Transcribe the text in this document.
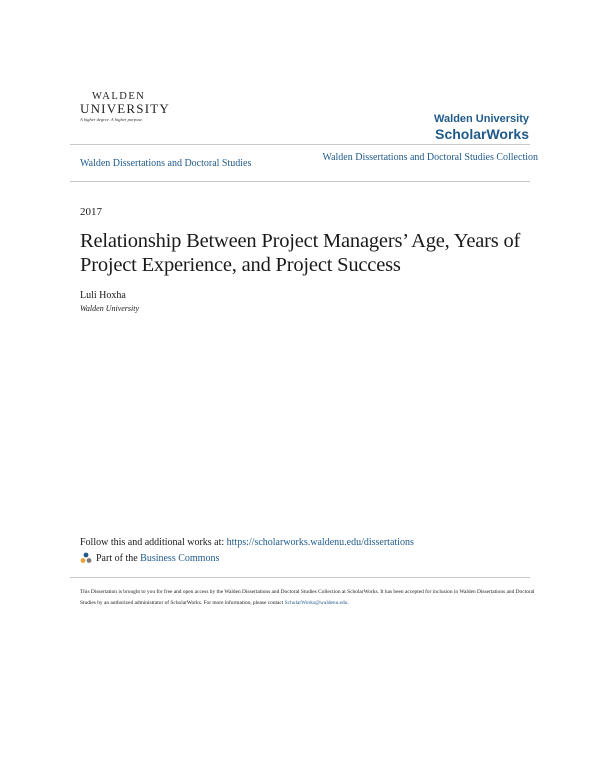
WALDEN
UNIVERSITY
A higher degree. A higher purpose.	Walden University
ScholarWorks
Walden Dissertations and Doctoral Studies
Walden Dissertations and Doctoral Studies Collection
2017
Relationship Between Project Managers’ Age, Years of Project Experience, and Project Success
Luli Hoxha
Walden University
Follow this and additional works at: https://scholarworks.waldenu.edu/dissertations
Part of the
Business Commons
This Dissertation is brought to you for free and open access by the Walden Dissertations and Doctoral Studies Collection at ScholarWorks. It has been accepted for inclusion in Walden Dissertations and Doctoral Studies by an authorized administrator of ScholarWorks. For more information, please contact ScholarWorks@waldenu.edu.
